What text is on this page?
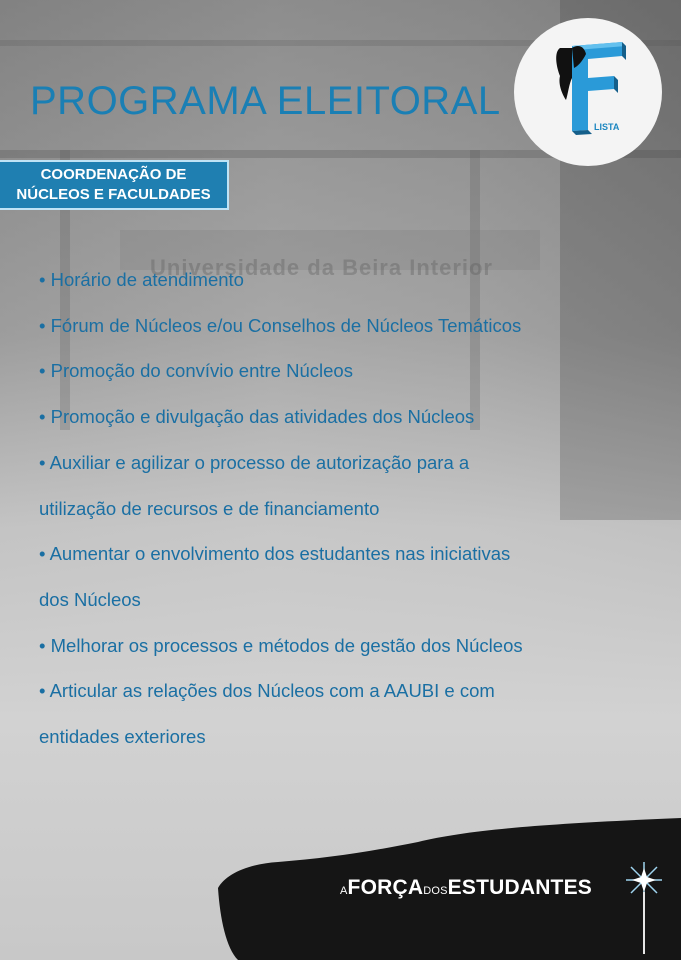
Universidade da Beira Interior
PROGRAMA ELEITORAL
LISTA
COORDENAÇÃO DE
NÚCLEOS E FACULDADES
• Horário de atendimento
• Fórum de Núcleos e/ou Conselhos de Núcleos Temáticos
• Promoção do convívio entre Núcleos
• Promoção e divulgação das atividades dos Núcleos
• Auxiliar e agilizar o processo de autorização para a
utilização de recursos e de financiamento
• Aumentar o envolvimento dos estudantes nas iniciativas
dos Núcleos
• Melhorar os processos e métodos de gestão dos Núcleos
• Articular as relações dos Núcleos com a AAUBI e com
entidades exteriores
AFORÇADOSESTUDANTES
